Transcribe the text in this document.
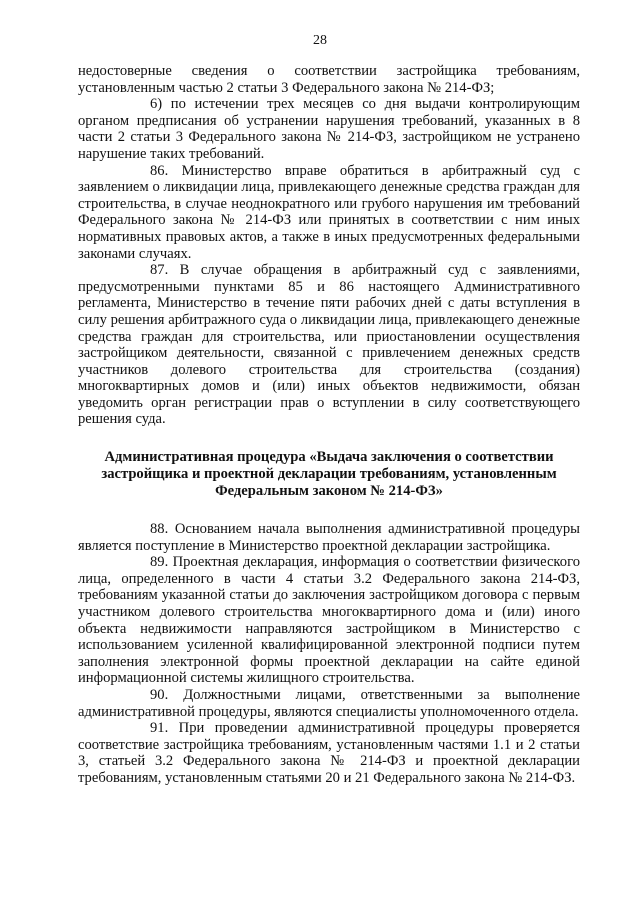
28

недостоверные сведения о соответствии застройщика требованиям, установленным частью 2 статьи 3 Федерального закона № 214-ФЗ;

6) по истечении трех месяцев со дня выдачи контролирующим органом предписания об устранении нарушения требований, указанных в 8 части 2 статьи 3 Федерального закона № 214-ФЗ, застройщиком не устранено нарушение таких требований.

86. Министерство вправе обратиться в арбитражный суд с заявлением о ликвидации лица, привлекающего денежные средства граждан для строительства, в случае неоднократного или грубого нарушения им требований Федерального закона № 214-ФЗ или принятых в соответствии с ним иных нормативных правовых актов, а также в иных предусмотренных федеральными законами случаях.

87. В случае обращения в арбитражный суд с заявлениями, предусмотренными пунктами 85 и 86 настоящего Административного регламента, Министерство в течение пяти рабочих дней с даты вступления в силу решения арбитражного суда о ликвидации лица, привлекающего денежные средства граждан для строительства, или приостановлении осуществления застройщиком деятельности, связанной с привлечением денежных средств участников долевого строительства для строительства (создания) многоквартирных домов и (или) иных объектов недвижимости, обязан уведомить орган регистрации прав о вступлении в силу соответствующего решения суда.

Административная процедура «Выдача заключения о соответствии застройщика и проектной декларации требованиям, установленным Федеральным законом № 214-ФЗ»

88. Основанием начала выполнения административной процедуры является поступление в Министерство проектной декларации застройщика.

89. Проектная декларация, информация о соответствии физического лица, определенного в части 4 статьи 3.2 Федерального закона 214-ФЗ, требованиям указанной статьи до заключения застройщиком договора с первым участником долевого строительства многоквартирного дома и (или) иного объекта недвижимости направляются застройщиком в Министерство с использованием усиленной квалифицированной электронной подписи путем заполнения электронной формы проектной декларации на сайте единой информационной системы жилищного строительства.

90. Должностными лицами, ответственными за выполнение административной процедуры, являются специалисты уполномоченного отдела.

91. При проведении административной процедуры проверяется соответствие застройщика требованиям, установленным частями 1.1 и 2 статьи 3, статьей 3.2 Федерального закона № 214-ФЗ и проектной декларации требованиям, установленным статьями 20 и 21 Федерального закона № 214-ФЗ.
